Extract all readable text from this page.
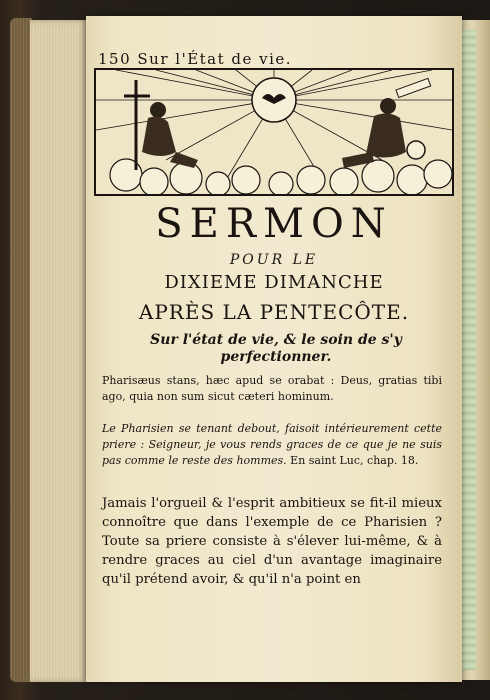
150 Sur l'État de vie.
SERMON
POUR LE
DIXIEME DIMANCHE
APRÈS LA PENTECÔTE.
Sur l'état de vie, & le soin de s'y perfectionner.
Pharisæus stans, hæc apud se orabat : Deus, gratias tibi ago, quia non sum sicut cæteri hominum.
Le Pharisien se tenant debout, faisoit intérieurement cette priere : Seigneur, je vous rends graces de ce que je ne suis pas comme le reste des hommes. En saint Luc, chap. 18.
Jamais l'orgueil & l'esprit ambitieux se fit-il mieux connoître que dans l'exemple de ce Pharisien ? Toute sa priere consiste à s'élever lui-même, & à rendre graces au ciel d'un avantage imaginaire qu'il prétend avoir, & qu'il n'a point en
